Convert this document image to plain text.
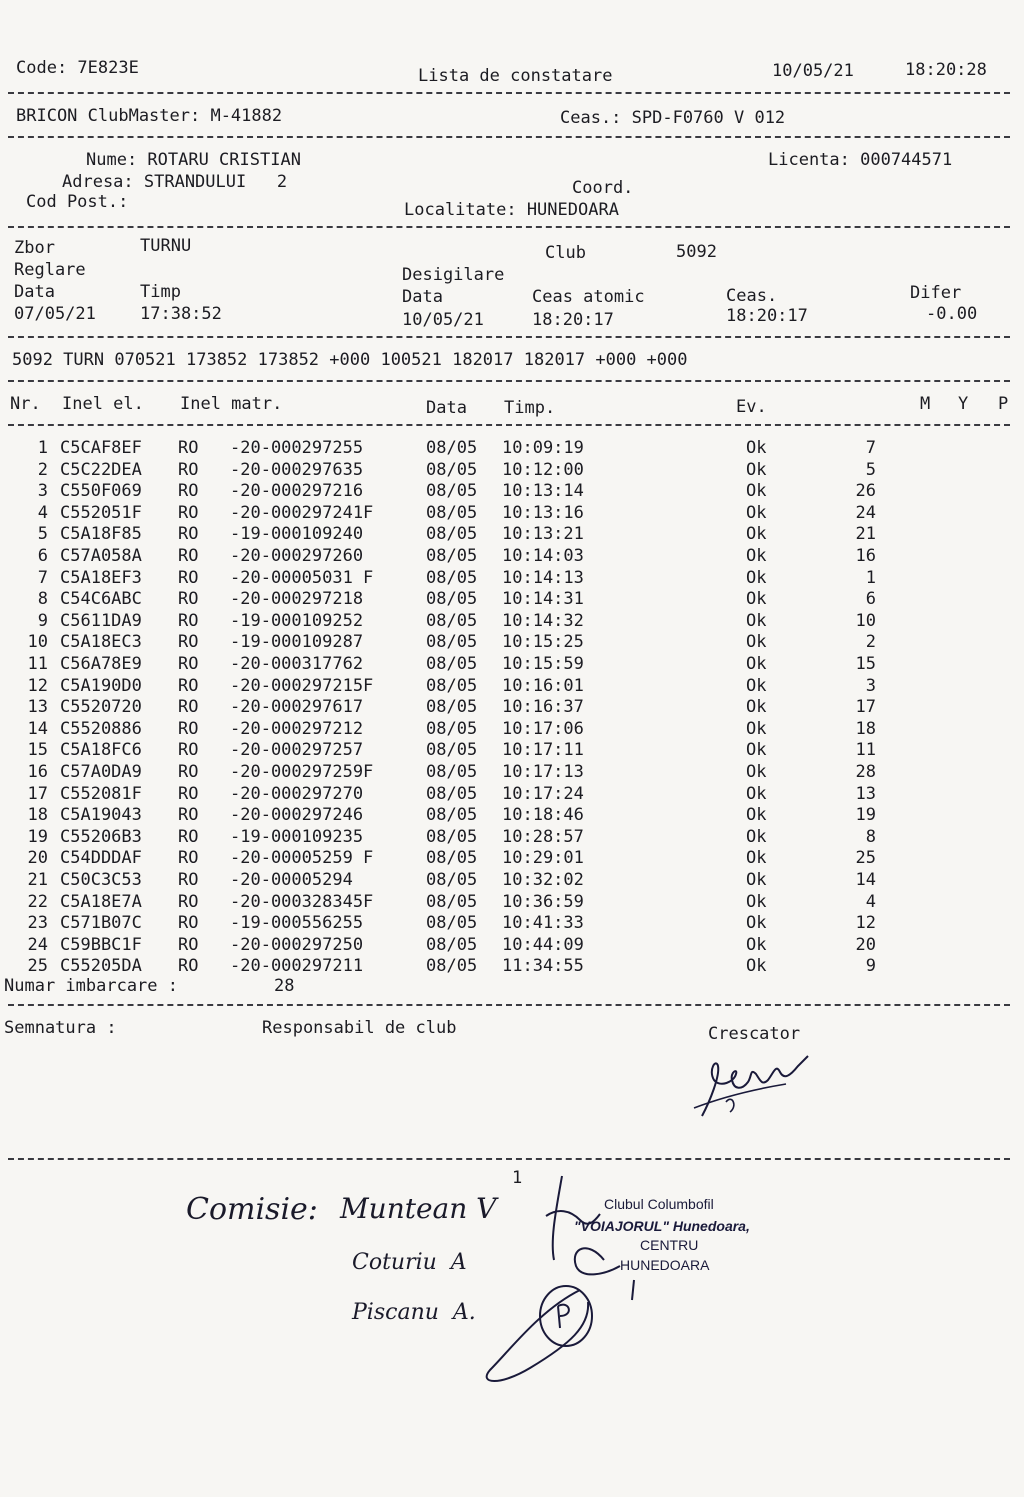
Code: 7E823E	Lista de constatare	10/05/21	18:20:28
BRICON ClubMaster: M-41882	Ceas.: SPD-F0760 V 012
Nume: ROTARU CRISTIAN	Licenta: 000744571
Adresa: STRANDULUI   2	Coord.
Cod Post.:	Localitate: HUNEDOARA
Zbor	TURNU	Club	5092
Reglare	Desigilare
Data	Timp	Data	Ceas atomic	Ceas.	Difer
07/05/21	17:38:52	10/05/21	18:20:17	18:20:17	-0.00
5092 TURN 070521 173852 173852 +000 100521 182017 182017 +000 +000
Nr. Inel el. Inel matr.	Data Timp.	Ev.	M Y P
1 C5CAF8EF RO -20-000297255	08/05 10:09:19	Ok	7
2 C5C22DEA RO -20-000297635	08/05 10:12:00	Ok	5
3 C550F069 RO -20-000297216	08/05 10:13:14	Ok	26
4 C552051F RO -20-000297241F	08/05 10:13:16	Ok	24
5 C5A18F85 RO -19-000109240	08/05 10:13:21	Ok	21
6 C57A058A RO -20-000297260	08/05 10:14:03	Ok	16
7 C5A18EF3 RO -20-00005031 F	08/05 10:14:13	Ok	1
8 C54C6ABC RO -20-000297218	08/05 10:14:31	Ok	6
9 C5611DA9 RO -19-000109252	08/05 10:14:32	Ok	10
10 C5A18EC3 RO -19-000109287	08/05 10:15:25	Ok	2
11 C56A78E9 RO -20-000317762	08/05 10:15:59	Ok	15
12 C5A190D0 RO -20-000297215F	08/05 10:16:01	Ok	3
13 C5520720 RO -20-000297617	08/05 10:16:37	Ok	17
14 C5520886 RO -20-000297212	08/05 10:17:06	Ok	18
15 C5A18FC6 RO -20-000297257	08/05 10:17:11	Ok	11
16 C57A0DA9 RO -20-000297259F	08/05 10:17:13	Ok	28
17 C552081F RO -20-000297270	08/05 10:17:24	Ok	13
18 C5A19043 RO -20-000297246	08/05 10:18:46	Ok	19
19 C55206B3 RO -19-000109235	08/05 10:28:57	Ok	8
20 C54DDDAF RO -20-00005259 F	08/05 10:29:01	Ok	25
21 C50C3C53 RO -20-00005294	08/05 10:32:02	Ok	14
22 C5A18E7A RO -20-000328345F	08/05 10:36:59	Ok	4
23 C571B07C RO -19-000556255	08/05 10:41:33	Ok	12
24 C59BBC1F RO -20-000297250	08/05 10:44:09	Ok	20
25 C55205DA RO -20-000297211	08/05 11:34:55	Ok	9
Numar imbarcare :	28
Semnatura :	Responsabil de club	Crescator
1
Comisie: Muntean V
Coturiu  A
Piscanu  A.
Clubul Columbofil
"VOIAJORUL" Hunedoara,
CENTRU
HUNEDOARA
